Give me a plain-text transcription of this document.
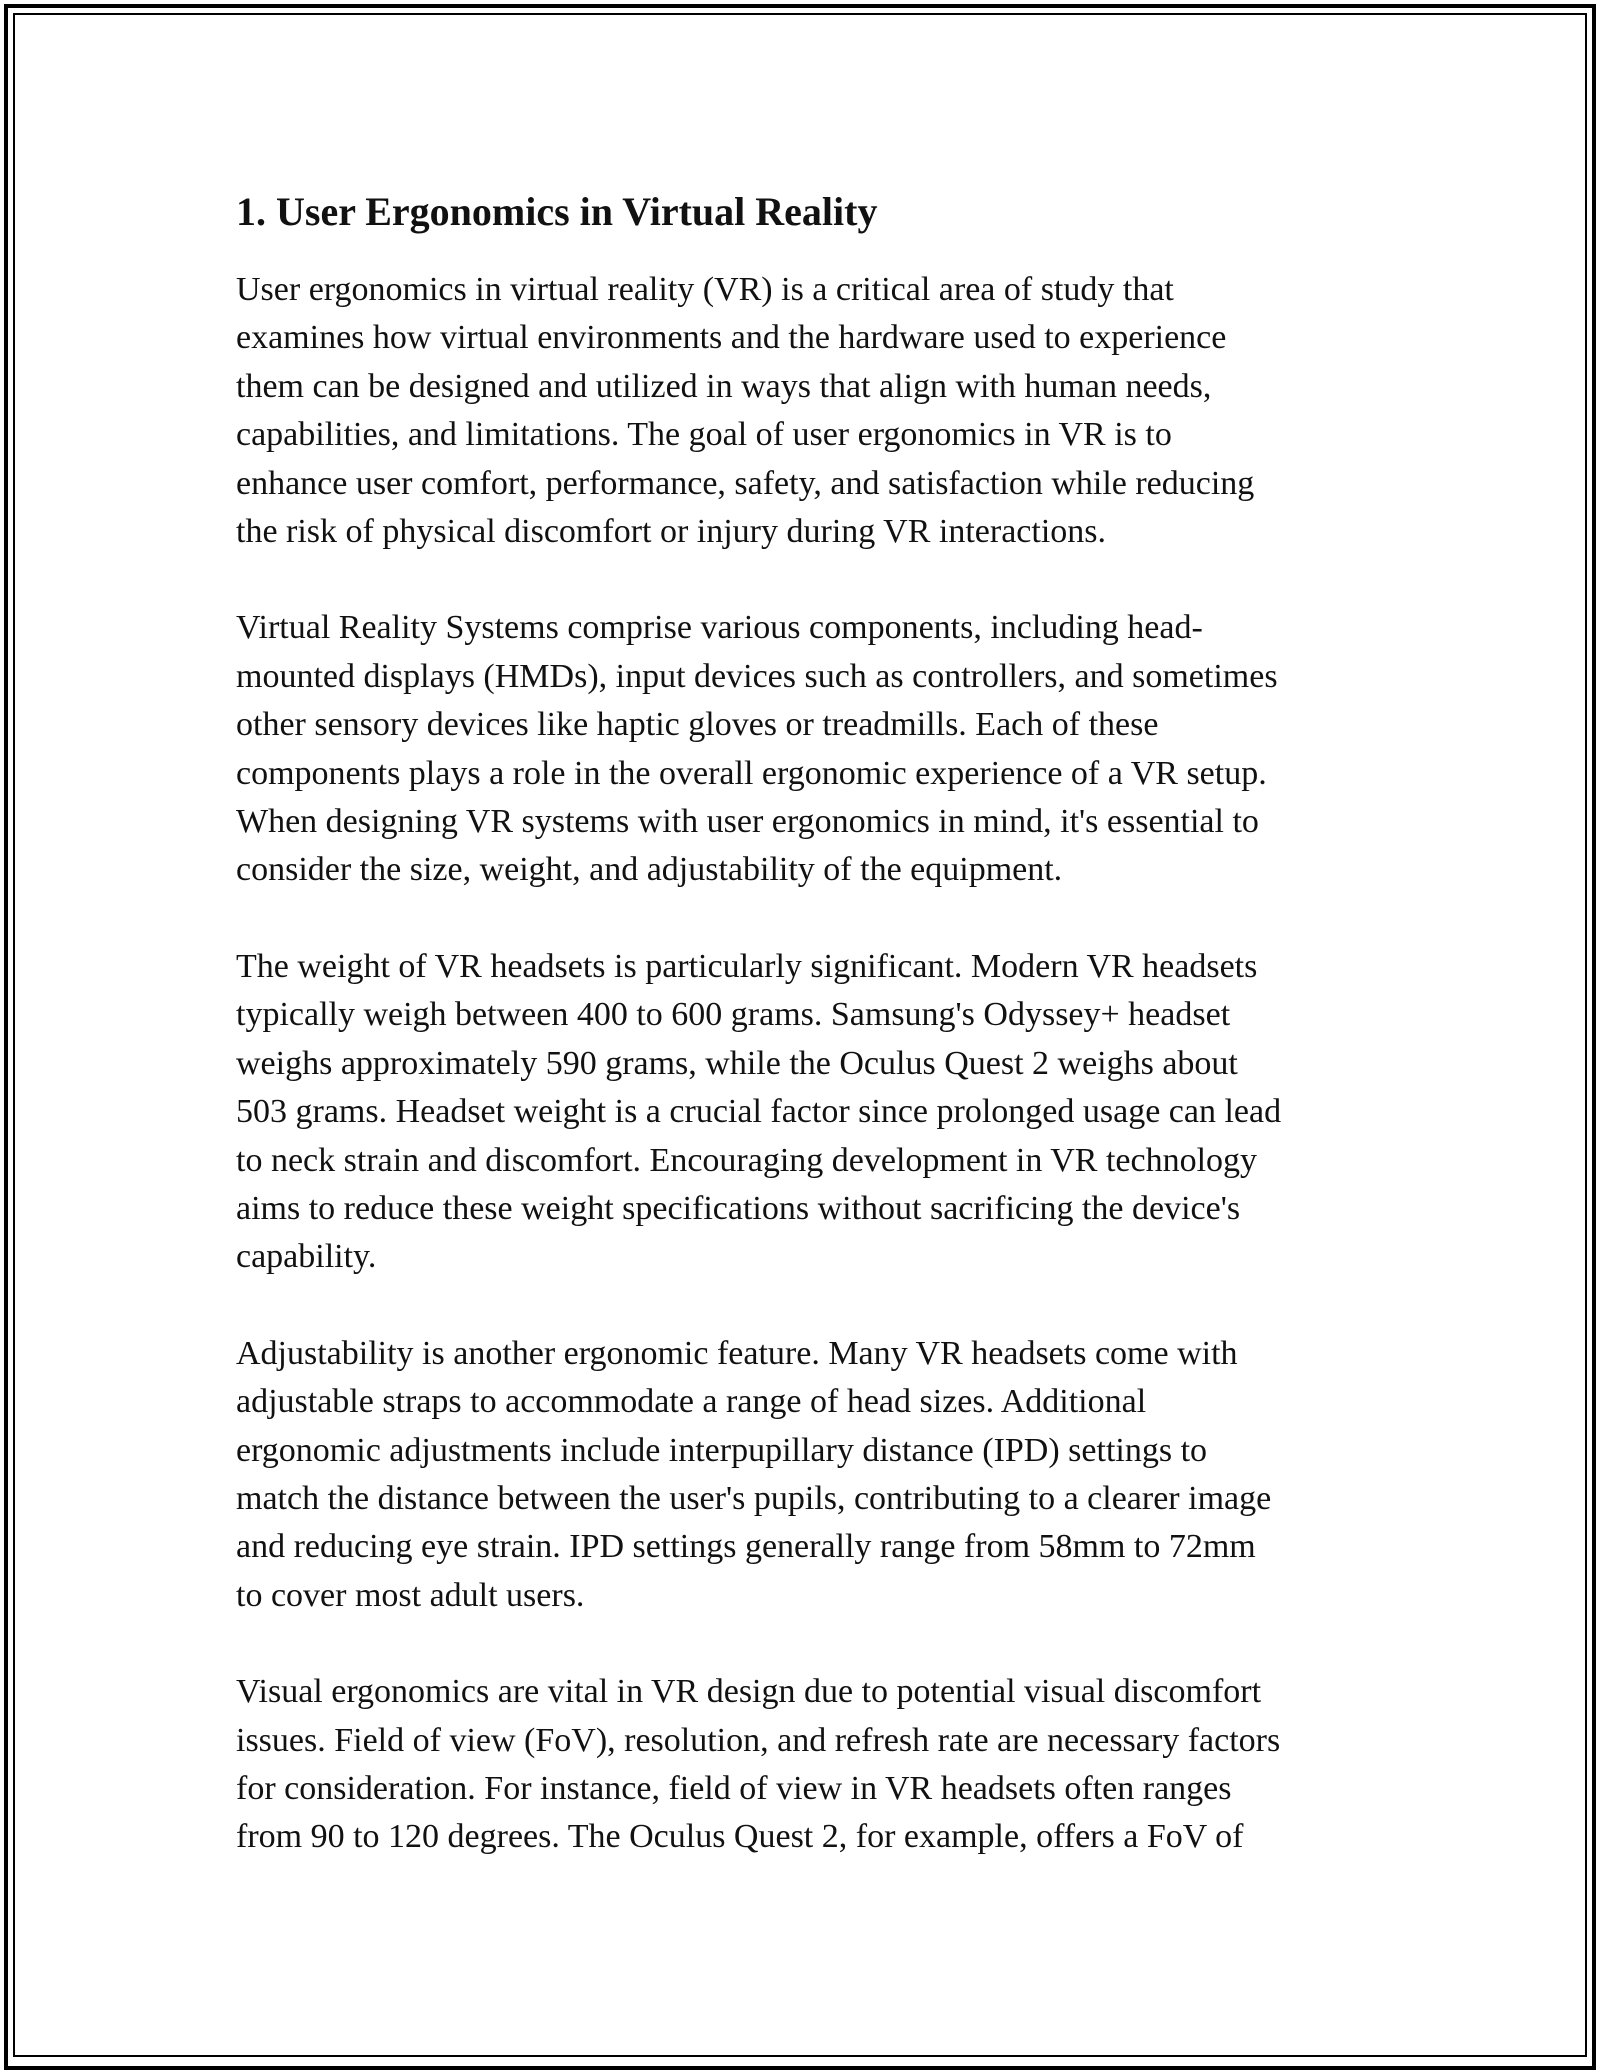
1. User Ergonomics in Virtual Reality

User ergonomics in virtual reality (VR) is a critical area of study that
examines how virtual environments and the hardware used to experience
them can be designed and utilized in ways that align with human needs,
capabilities, and limitations. The goal of user ergonomics in VR is to
enhance user comfort, performance, safety, and satisfaction while reducing
the risk of physical discomfort or injury during VR interactions.

Virtual Reality Systems comprise various components, including head-
mounted displays (HMDs), input devices such as controllers, and sometimes
other sensory devices like haptic gloves or treadmills. Each of these
components plays a role in the overall ergonomic experience of a VR setup.
When designing VR systems with user ergonomics in mind, it's essential to
consider the size, weight, and adjustability of the equipment.

The weight of VR headsets is particularly significant. Modern VR headsets
typically weigh between 400 to 600 grams. Samsung's Odyssey+ headset
weighs approximately 590 grams, while the Oculus Quest 2 weighs about
503 grams. Headset weight is a crucial factor since prolonged usage can lead
to neck strain and discomfort. Encouraging development in VR technology
aims to reduce these weight specifications without sacrificing the device's
capability.

Adjustability is another ergonomic feature. Many VR headsets come with
adjustable straps to accommodate a range of head sizes. Additional
ergonomic adjustments include interpupillary distance (IPD) settings to
match the distance between the user's pupils, contributing to a clearer image
and reducing eye strain. IPD settings generally range from 58mm to 72mm
to cover most adult users.

Visual ergonomics are vital in VR design due to potential visual discomfort
issues. Field of view (FoV), resolution, and refresh rate are necessary factors
for consideration. For instance, field of view in VR headsets often ranges
from 90 to 120 degrees. The Oculus Quest 2, for example, offers a FoV of
